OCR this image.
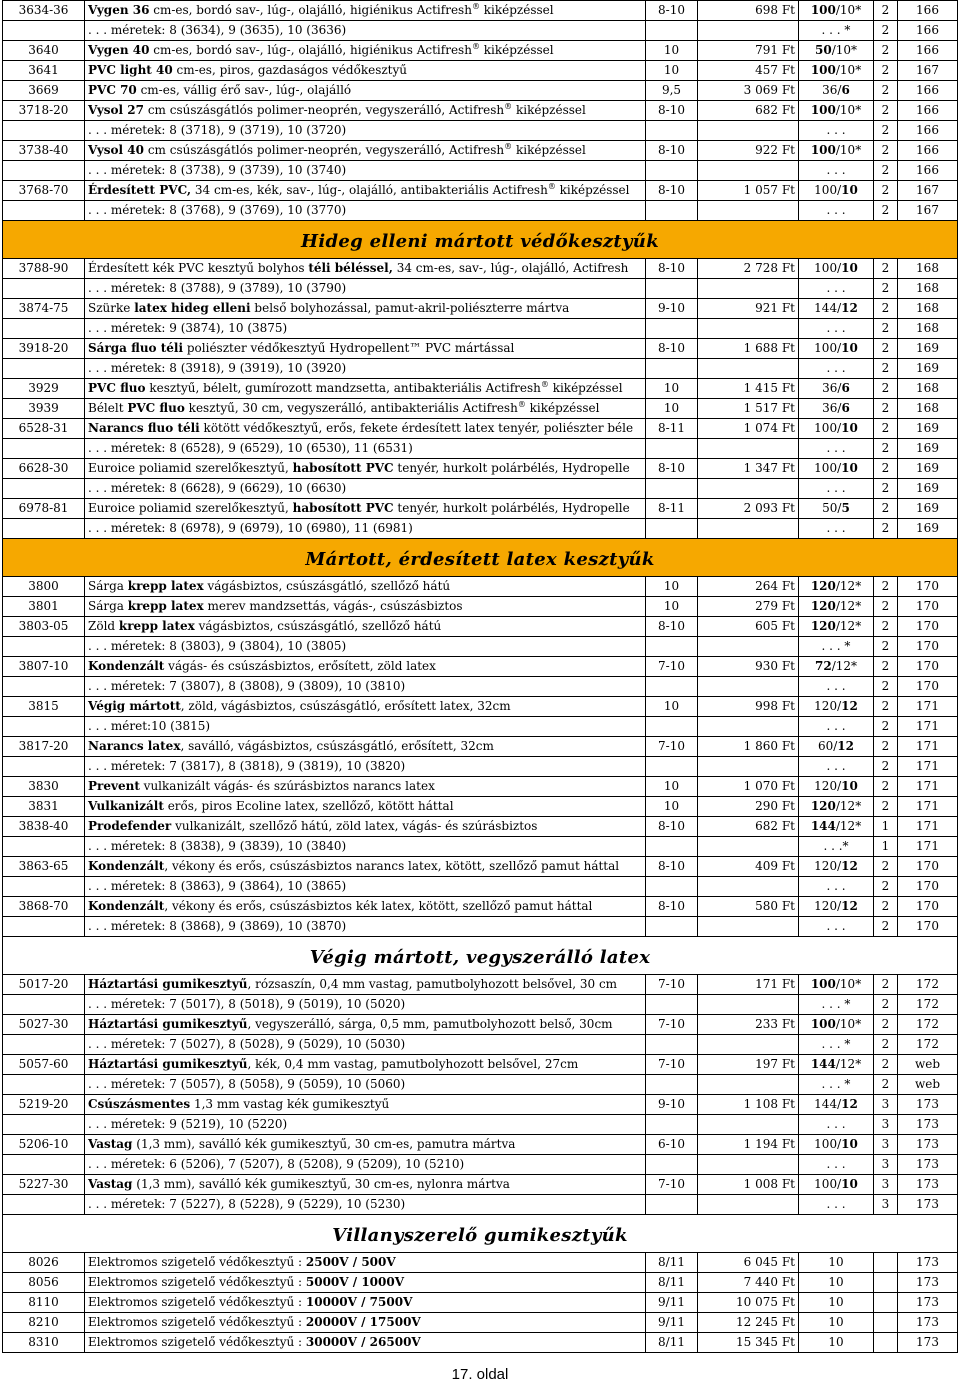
3634-36	Vygen 36 cm-es, bordó sav-, lúg-, olajálló, higiénikus Actifresh® kiképzéssel	8-10	698 Ft	100/10*	2	166
	. . . méretek: 8 (3634), 9 (3635), 10 (3636)			. . . *	2	166
3640	Vygen 40 cm-es, bordó sav-, lúg-, olajálló, higiénikus Actifresh® kiképzéssel	10	791 Ft	50/10*	2	166
3641	PVC light 40 cm-es, piros, gazdaságos védőkesztyű	10	457 Ft	100/10*	2	167
3669	PVC 70 cm-es, vállig érő sav-, lúg-, olajálló	9,5	3 069 Ft	36/6	2	166
3718-20	Vysol 27 cm csúszásgátlós polimer-neoprén, vegyszerálló, Actifresh® kiképzéssel	8-10	682 Ft	100/10*	2	166
	. . . méretek: 8 (3718), 9 (3719), 10 (3720)			. . .	2	166
3738-40	Vysol 40 cm csúszásgátlós polimer-neoprén, vegyszerálló, Actifresh® kiképzéssel	8-10	922 Ft	100/10*	2	166
	. . . méretek: 8 (3738), 9 (3739), 10 (3740)			. . .	2	166
3768-70	Érdesített PVC, 34 cm-es, kék, sav-, lúg-, olajálló, antibakteriális Actifresh® kiképzéssel	8-10	1 057 Ft	100/10	2	167
	. . . méretek: 8 (3768), 9 (3769), 10 (3770)			. . .	2	167
Hideg elleni mártott védőkesztyűk						
3788-90	Érdesített kék PVC kesztyű bolyhos téli béléssel, 34 cm-es, sav-, lúg-, olajálló, Actifresh	8-10	2 728 Ft	100/10	2	168
	. . . méretek: 8 (3788), 9 (3789), 10 (3790)			. . .	2	168
3874-75	Szürke latex hideg elleni belső bolyhozással, pamut-akril-poliészterre mártva	9-10	921 Ft	144/12	2	168
	. . . méretek: 9 (3874), 10 (3875)			. . .	2	168
3918-20	Sárga fluo téli poliészter védőkesztyű Hydropellent™ PVC mártással	8-10	1 688 Ft	100/10	2	169
	. . . méretek: 8 (3918), 9 (3919), 10 (3920)			. . .	2	169
3929	PVC fluo kesztyű, bélelt, gumírozott mandzsetta, antibakteriális Actifresh® kiképzéssel	10	1 415 Ft	36/6	2	168
3939	Bélelt PVC fluo kesztyű, 30 cm, vegyszerálló, antibakteriális Actifresh® kiképzéssel	10	1 517 Ft	36/6	2	168
6528-31	Narancs fluo téli kötött védőkesztyű, erős, fekete érdesített latex tenyér, poliészter béle	8-11	1 074 Ft	100/10	2	169
	. . . méretek: 8 (6528), 9 (6529), 10 (6530), 11 (6531)			. . .	2	169
6628-30	Euroice poliamid szerelőkesztyű, habosított PVC tenyér, hurkolt polárbélés, Hydropelle	8-10	1 347 Ft	100/10	2	169
	. . . méretek: 8 (6628), 9 (6629), 10 (6630)			. . .	2	169
6978-81	Euroice poliamid szerelőkesztyű, habosított PVC tenyér, hurkolt polárbélés, Hydropelle	8-11	2 093 Ft	50/5	2	169
	. . . méretek: 8 (6978), 9 (6979), 10 (6980), 11 (6981)			. . .	2	169
Mártott, érdesített latex kesztyűk						
3800	Sárga krepp latex vágásbiztos, csúszásgátló, szellőző hátú	10	264 Ft	120/12*	2	170
3801	Sárga krepp latex merev mandzsettás, vágás-, csúszásbiztos	10	279 Ft	120/12*	2	170
3803-05	Zöld krepp latex vágásbiztos, csúszásgátló, szellőző hátú	8-10	605 Ft	120/12*	2	170
	. . . méretek: 8 (3803), 9 (3804), 10 (3805)			. . . *	2	170
3807-10	Kondenzált vágás- és csúszásbiztos, erősített, zöld latex	7-10	930 Ft	72/12*	2	170
	. . . méretek: 7 (3807), 8 (3808), 9 (3809), 10 (3810)			. . .	2	170
3815	Végig mártott, zöld, vágásbiztos, csúszásgátló, erősített latex, 32cm	10	998 Ft	120/12	2	171
	. . . méret:10 (3815)			. . .	2	171
3817-20	Narancs latex, saválló, vágásbiztos, csúszásgátló, erősített, 32cm	7-10	1 860 Ft	60/12	2	171
	. . . méretek: 7 (3817), 8 (3818), 9 (3819), 10 (3820)			. . .	2	171
3830	Prevent vulkanizált vágás- és szúrásbiztos narancs latex	10	1 070 Ft	120/10	2	171
3831	Vulkanizált erős, piros Ecoline latex, szellőző, kötött háttal	10	290 Ft	120/12*	2	171
3838-40	Prodefender vulkanizált, szellőző hátú, zöld latex, vágás- és szúrásbiztos	8-10	682 Ft	144/12*	1	171
	. . . méretek: 8 (3838), 9 (3839), 10 (3840)			. . .*	1	171
3863-65	Kondenzált, vékony és erős, csúszásbiztos narancs latex, kötött, szellőző pamut háttal	8-10	409 Ft	120/12	2	170
	. . . méretek: 8 (3863), 9 (3864), 10 (3865)			. . .	2	170
3868-70	Kondenzált, vékony és erős, csúszásbiztos kék latex, kötött, szellőző pamut háttal	8-10	580 Ft	120/12	2	170
	. . . méretek: 8 (3868), 9 (3869), 10 (3870)			. . .	2	170
Végig mártott, vegyszerálló latex						
5017-20	Háztartási gumikesztyű, rózsaszín, 0,4 mm vastag, pamutbolyhozott belsővel, 30 cm	7-10	171 Ft	100/10*	2	172
	. . . méretek: 7 (5017), 8 (5018), 9 (5019), 10 (5020)			. . . *	2	172
5027-30	Háztartási gumikesztyű, vegyszerálló, sárga, 0,5 mm, pamutbolyhozott belső, 30cm	7-10	233 Ft	100/10*	2	172
	. . . méretek: 7 (5027), 8 (5028), 9 (5029), 10 (5030)			. . . *	2	172
5057-60	Háztartási gumikesztyű, kék, 0,4 mm vastag, pamutbolyhozott belsővel, 27cm	7-10	197 Ft	144/12*	2	web
	. . . méretek: 7 (5057), 8 (5058), 9 (5059), 10 (5060)			. . . *	2	web
5219-20	Csúszásmentes 1,3 mm vastag kék gumikesztyű	9-10	1 108 Ft	144/12	3	173
	. . . méretek: 9 (5219), 10 (5220)			. . .	3	173
5206-10	Vastag (1,3 mm), saválló kék gumikesztyű, 30 cm-es, pamutra mártva	6-10	1 194 Ft	100/10	3	173
	. . . méretek: 6 (5206), 7 (5207), 8 (5208), 9 (5209), 10 (5210)			. . .	3	173
5227-30	Vastag (1,3 mm), saválló kék gumikesztyű, 30 cm-es, nylonra mártva	7-10	1 008 Ft	100/10	3	173
	. . . méretek: 7 (5227), 8 (5228), 9 (5229), 10 (5230)			. . .	3	173
Villanyszerelő gumikesztyűk						
8026	Elektromos szigetelő védőkesztyű : 2500V / 500V	8/11	6 045 Ft	10		173
8056	Elektromos szigetelő védőkesztyű : 5000V / 1000V	8/11	7 440 Ft	10		173
8110	Elektromos szigetelő védőkesztyű : 10000V / 7500V	9/11	10 075 Ft	10		173
8210	Elektromos szigetelő védőkesztyű : 20000V / 17500V	9/11	12 245 Ft	10		173
8310	Elektromos szigetelő védőkesztyű : 30000V / 26500V	8/11	15 345 Ft	10		173
17. oldal
